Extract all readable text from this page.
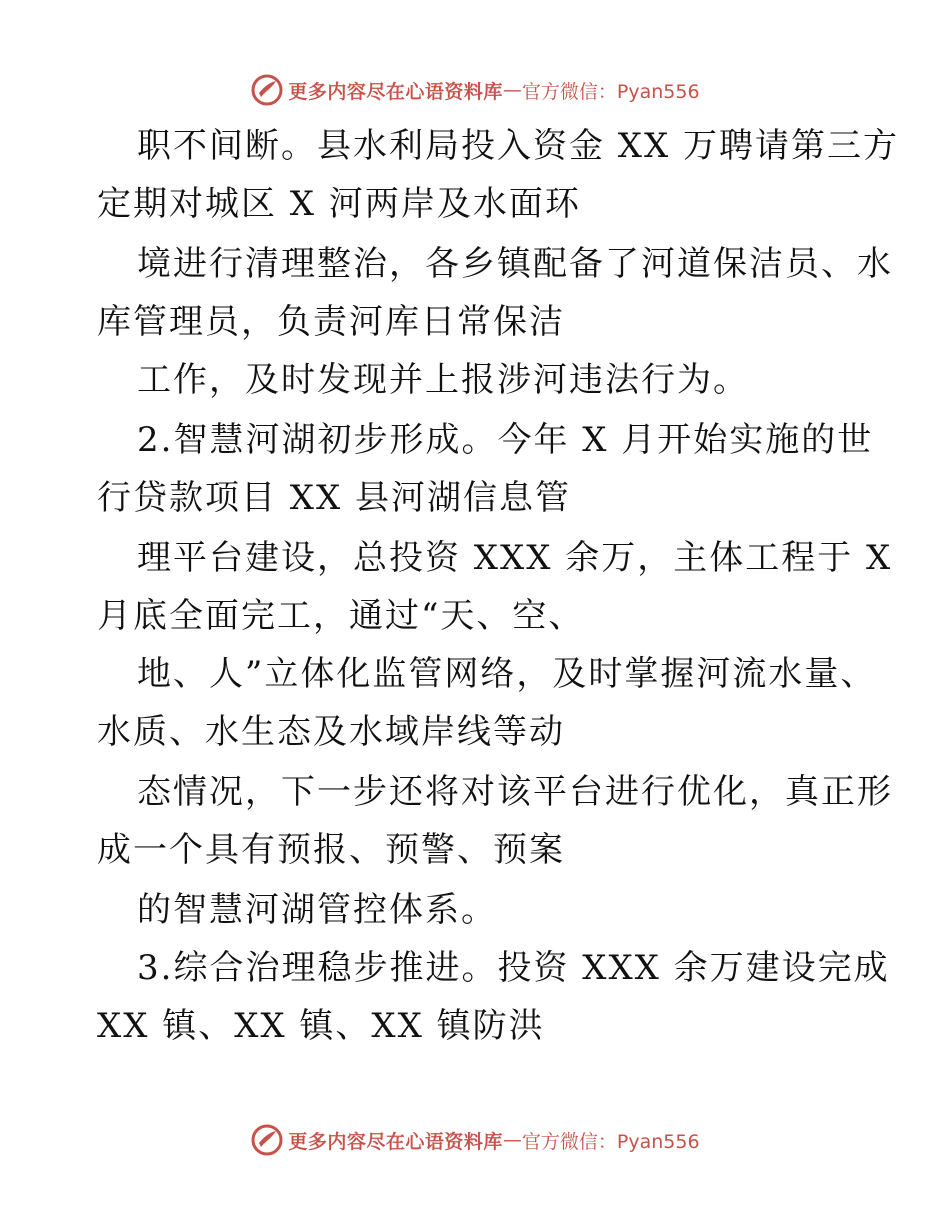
更多内容尽在心语资料库 — 官方微信：Pyan556
职不间断。县水利局投入资金 XX 万聘请第三方
定期对城区 X 河两岸及水面环
境进行清理整治，各乡镇配备了河道保洁员、水
库管理员，负责河库日常保洁
工作，及时发现并上报涉河违法行为。
2.智慧河湖初步形成。今年 X 月开始实施的世
行贷款项目 XX 县河湖信息管
理平台建设，总投资 XXX 余万，主体工程于 X
月底全面完工，通过“天、空、
地、人”立体化监管网络，及时掌握河流水量、
水质、水生态及水域岸线等动
态情况，下一步还将对该平台进行优化，真正形
成一个具有预报、预警、预案
的智慧河湖管控体系。
3.综合治理稳步推进。投资 XXX 余万建设完成
XX 镇、XX 镇、XX 镇防洪
更多内容尽在心语资料库 — 官方微信：Pyan556
